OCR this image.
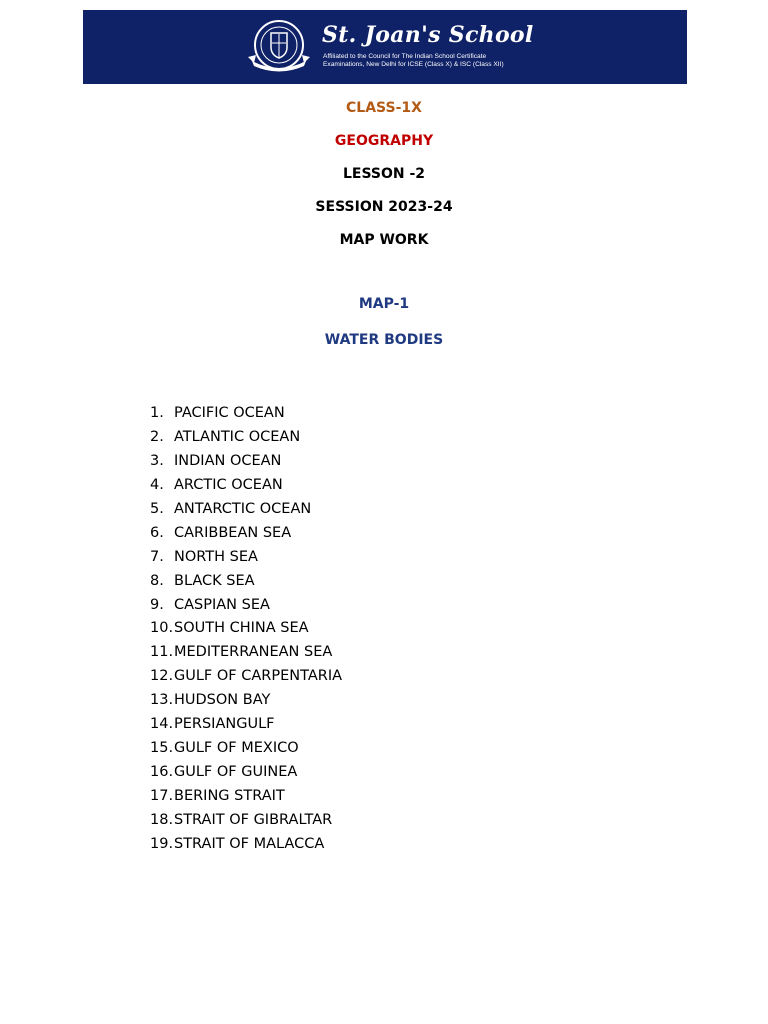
St. Joan's School
Affiliated to the Council for The Indian School Certificate
Examinations, New Delhi for ICSE (Class X) & ISC (Class XII)
CLASS-1X
GEOGRAPHY
LESSON -2
SESSION 2023-24
MAP WORK
MAP-1
WATER BODIES
1. PACIFIC OCEAN
2. ATLANTIC OCEAN
3. INDIAN OCEAN
4. ARCTIC OCEAN
5. ANTARCTIC OCEAN
6. CARIBBEAN SEA
7. NORTH SEA
8. BLACK SEA
9. CASPIAN SEA
10.SOUTH CHINA SEA
11.MEDITERRANEAN SEA
12.GULF OF CARPENTARIA
13.HUDSON BAY
14.PERSIANGULF
15.GULF OF MEXICO
16.GULF OF GUINEA
17.BERING STRAIT
18.STRAIT OF GIBRALTAR
19.STRAIT OF MALACCA
